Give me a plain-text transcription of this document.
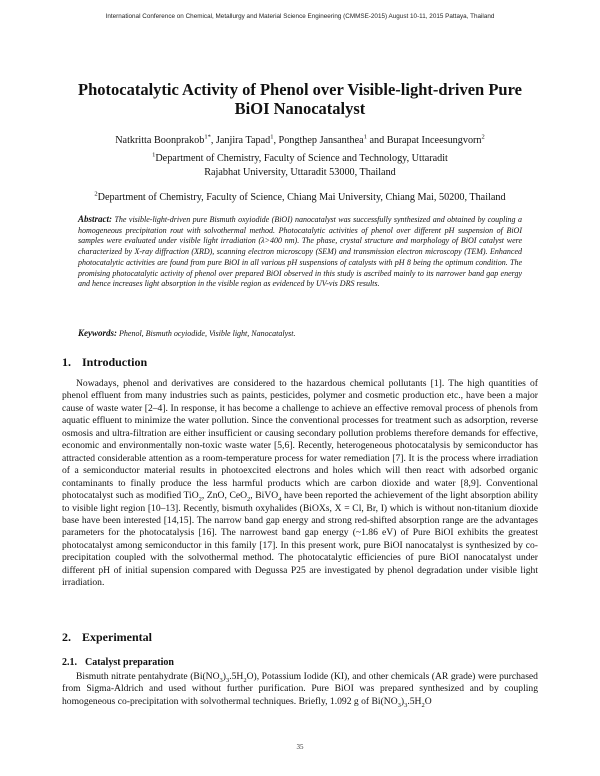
International Conference on Chemical, Metallurgy and Material Science Engineering (CMMSE-2015) August 10-11, 2015 Pattaya, Thailand
Photocatalytic Activity of Phenol over Visible-light-driven Pure
BiOI Nanocatalyst
Natkritta Boonprakob$^{1*}$, Janjira Tapad$^1$, Pongthep Jansanthea$^1$ and Burapat Inceesungvorn$^2$
$^1$Department of Chemistry, Faculty of Science and Technology, Uttaradit
Rajabhat University, Uttaradit 53000, Thailand
$^2$Department of Chemistry, Faculty of Science, Chiang Mai University, Chiang Mai, 50200, Thailand
Abstract: The visible-light-driven pure Bismuth oxyiodide (BiOI) nanocatalyst was successfully synthesized and obtained by coupling a homogeneous precipitation rout with solvothermal method. Photocatalytic activities of phenol over different pH suspension of BiOI samples were evaluated under visible light irradiation (λ>400 nm). The phase, crystal structure and morphology of BiOI catalyst were characterized by X-ray diffraction (XRD), scanning electron microscopy (SEM) and transmission electron microscopy (TEM). Enhanced photocatalytic activities are found from pure BiOI in all various pH suspensions of catalysts with pH 8 being the optimum condition. The promising photocatalytic activity of phenol over prepared BiOI observed in this study is ascribed mainly to its narrower band gap energy and hence increases light absorption in the visible region as evidenced by UV-vis DRS results.
Keywords: Phenol, Bismuth ocyiodide, Visible light, Nanocatalyst.
1. Introduction

Nowadays, phenol and derivatives are considered to the hazardous chemical pollutants [1]. The high quantities of phenol effluent from many industries such as paints, pesticides, polymer and cosmetic production etc., have been a major cause of waste water [2–4]. In response, it has become a challenge to achieve an effective removal process of phenols from aquatic effluent to minimize the water pollution. Since the conventional processes for treatment such as adsorption, reverse osmosis and ultra-filtration are either insufficient or causing secondary pollution problems therefore demands for effective, economic and environmentally non-toxic waste water [5,6]. Recently, heterogeneous photocatalysis by semiconductor has attracted considerable attention as a room-temperature process for water remediation [7]. It is the process where irradiation of a semiconductor material results in photoexcited electrons and holes which will then react with adsorbed organic contaminants to finally produce the less harmful products which are carbon dioxide and water [8,9]. Conventional photocatalyst such as modified TiO$_2$, ZnO, CeO$_2$, BiVO$_4$ have been reported the achievement of the light absorption ability to visible light region [10–13]. Recently, bismuth oxyhalides (BiOXs, X = Cl, Br, I) which is without non-titanium dioxide base have been interested [14,15]. The narrow band gap energy and strong red-shifted absorption range are the advantages parameters for the photocatalysis [16]. The narrowest band gap energy (~1.86 eV) of Pure BiOI exhibits the greatest photocatalyst among semiconductor in this family [17]. In this present work, pure BiOI nanocatalyst is synthesized by co-precipitation coupled with the solvothermal method. The photocatalytic efficiencies of pure BiOI nanocatalyst under different pH of initial supension compared with Degussa P25 are investigated by phenol degradation under visible light irradiation.

2. Experimental
2.1. Catalyst preparation

Bismuth nitrate pentahydrate $(Bi(NO_3)_3.5H_2O)$, Potassium Iodide (KI), and other chemicals (AR grade) were purchased from Sigma-Aldrich and used without further purification. Pure BiOI was prepared synthesized and by coupling homogeneous co-precipitation with solvothermal techniques. Briefly, 1.092 g of $Bi(NO_3)_3.5H_2O$

35
